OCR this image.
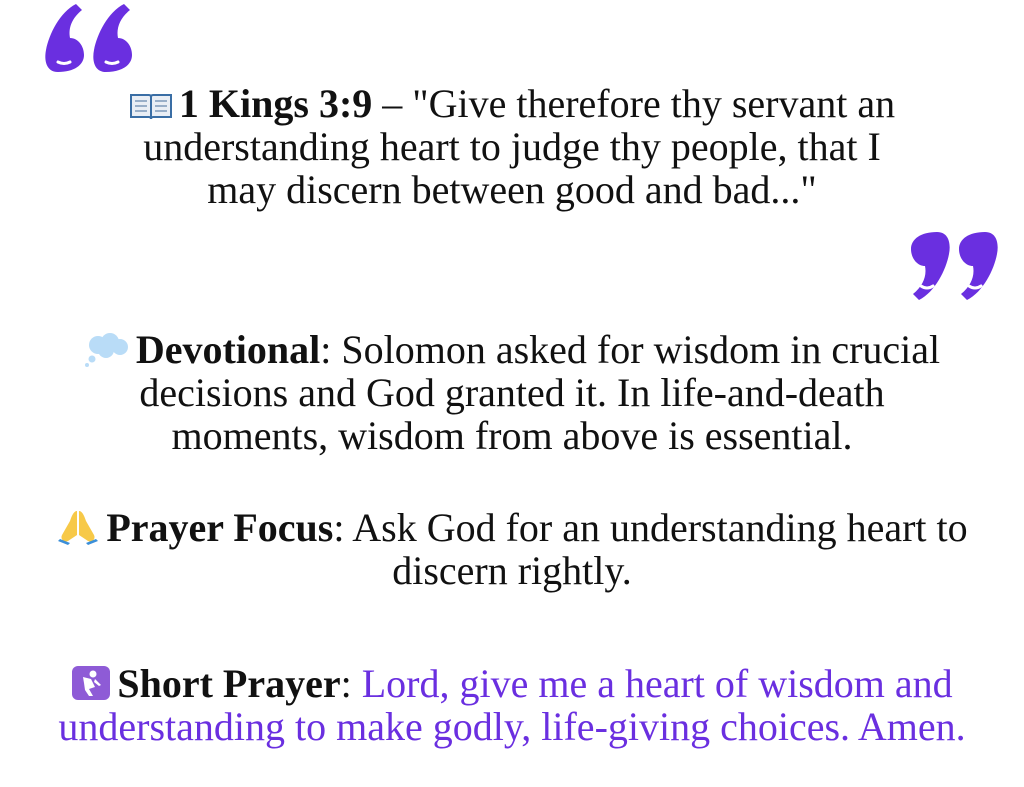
1 Kings 3:9 – "Give therefore thy servant an
understanding heart to judge thy people, that I
may discern between good and bad..."
Devotional: Solomon asked for wisdom in crucial
decisions and God granted it. In life-and-death
moments, wisdom from above is essential.
Prayer Focus: Ask God for an understanding heart to
discern rightly.
Short Prayer: Lord, give me a heart of wisdom and
understanding to make godly, life-giving choices. Amen.
